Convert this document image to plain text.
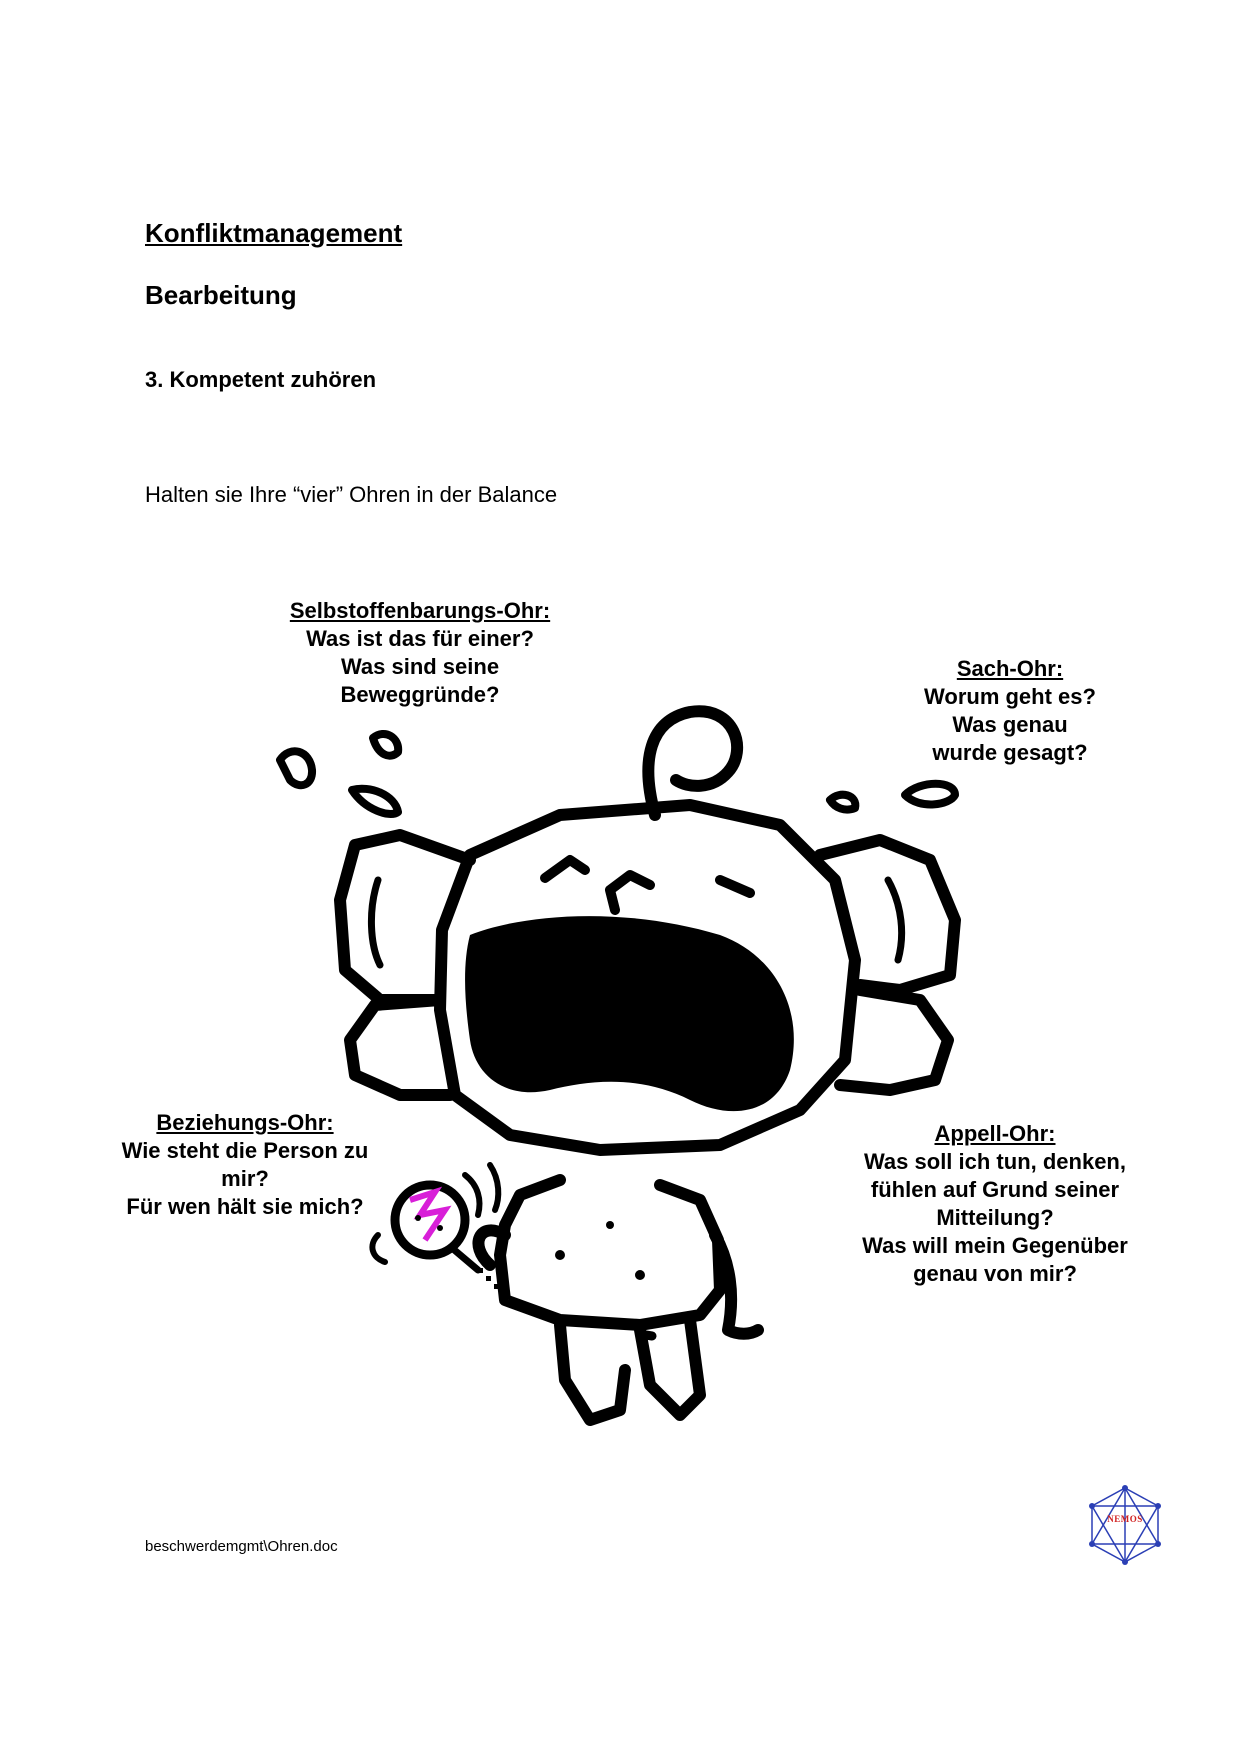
Konfliktmanagement
Bearbeitung
3. Kompetent zuhören
Halten sie Ihre “vier” Ohren in der Balance
Selbstoffenbarungs-Ohr:
Was ist das für einer?
Was sind seine
Beweggründe?
Sach-Ohr:
Worum geht es?
Was genau
wurde gesagt?
Beziehungs-Ohr:
Wie steht die Person zu
mir?
Für wen hält sie mich?
Appell-Ohr:
Was soll ich tun, denken,
fühlen auf Grund seiner
Mitteilung?
Was will mein Gegenüber
genau von mir?
beschwerdemgmt\Ohren.doc
NEMOS
